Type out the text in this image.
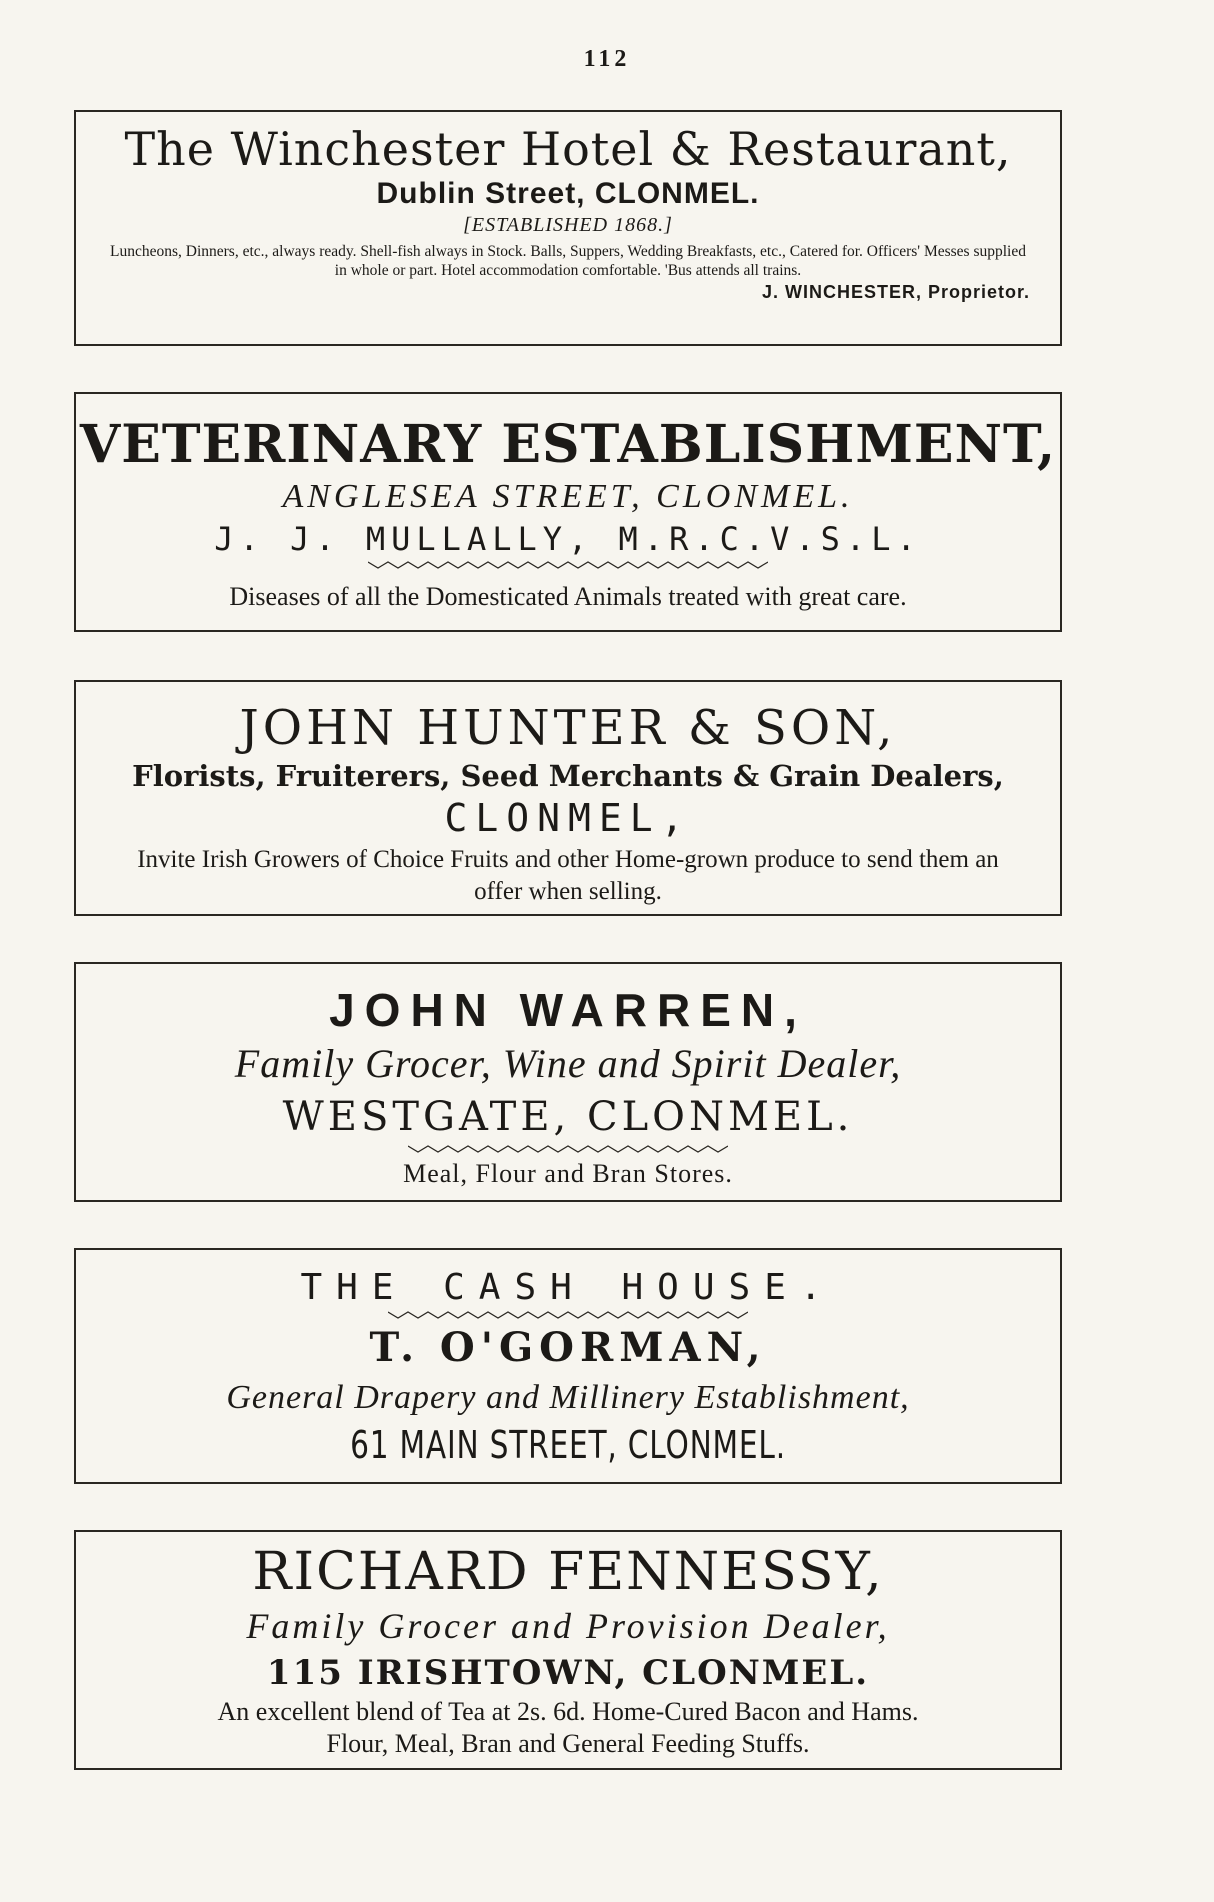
112
The Winchester Hotel & Restaurant,
Dublin Street, CLONMEL.
[ESTABLISHED 1868.]
Luncheons, Dinners, etc., always ready. Shell-fish always in Stock. Balls, Suppers, Wedding Breakfasts, etc., Catered for. Officers' Messes supplied in whole or part. Hotel accommodation comfortable. 'Bus attends all trains.
J. WINCHESTER, Proprietor.
VETERINARY ESTABLISHMENT,
ANGLESEA STREET, CLONMEL.
J. J. MULLALLY, M.R.C.V.S.L.
Diseases of all the Domesticated Animals treated with great care.
JOHN HUNTER & SON,
Florists, Fruiterers, Seed Merchants & Grain Dealers,
CLONMEL,
Invite Irish Growers of Choice Fruits and other Home-grown produce to send them an offer when selling.
JOHN WARREN,
Family Grocer, Wine and Spirit Dealer,
WESTGATE, CLONMEL.
Meal, Flour and Bran Stores.
THE CASH HOUSE.
T. O'GORMAN,
General Drapery and Millinery Establishment,
61 MAIN STREET, CLONMEL.
RICHARD FENNESSY,
Family Grocer and Provision Dealer,
115 IRISHTOWN, CLONMEL.
An excellent blend of Tea at 2s. 6d. Home-Cured Bacon and Hams.
Flour, Meal, Bran and General Feeding Stuffs.
